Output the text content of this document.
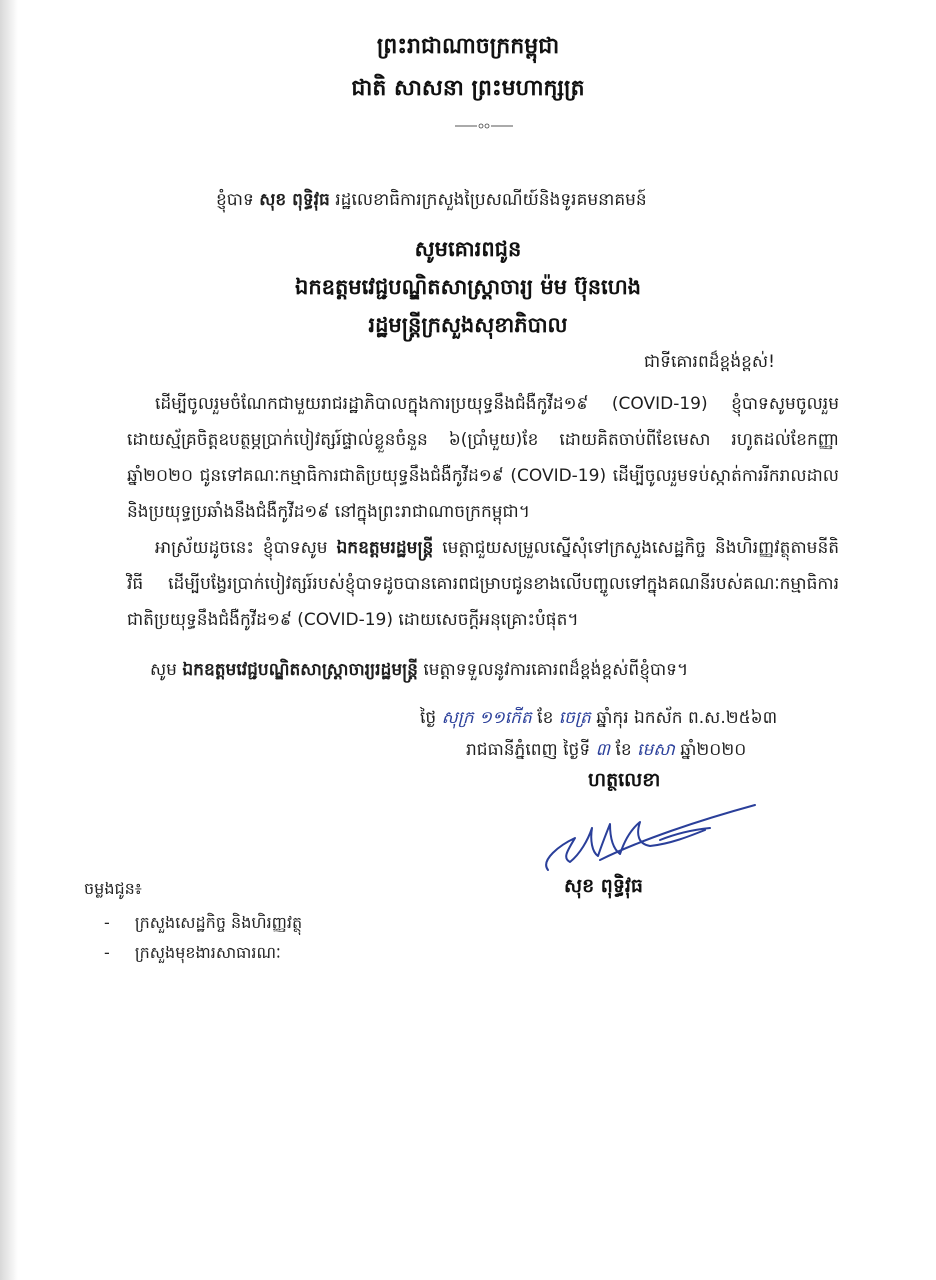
ព្រះរាជាណាចក្រកម្ពុជា
ជាតិ សាសនា ព្រះមហាក្សត្រ
ខ្ញុំបាទ សុខ ពុទ្ធិវុធ រដ្ឋលេខាធិការក្រសួងប្រៃសណីយ៍និងទូរគមនាគមន៍
សូមគោរពជូន
ឯកឧត្តមវេជ្ជបណ្ឌិតសាស្ត្រាចារ្យ ម៉ម ប៊ុនហេង
រដ្ឋមន្ត្រីក្រសួងសុខាភិបាល
ជាទីគោរពដ៏ខ្ពង់ខ្ពស់!
ដើម្បីចូលរួមចំណែកជាមួយរាជរដ្ឋាភិបាលក្នុងការប្រយុទ្ធនឹងជំងឺកូវីដ១៩ (COVID-19) ខ្ញុំបាទសូមចូលរួមដោយស្ម័គ្រចិត្តឧបត្ថម្ភប្រាក់បៀវត្សរ៍ផ្ទាល់ខ្លួនចំនួន ៦(ប្រាំមួយ)ខែ ដោយគិតចាប់ពីខែមេសា រហូតដល់ខែកញ្ញា ឆ្នាំ២០២០ ជូនទៅគណៈកម្មាធិការជាតិប្រយុទ្ធនឹងជំងឺកូវីដ១៩ (COVID-19) ដើម្បីចូលរួមទប់ស្កាត់ការរីករាលដាលនិងប្រយុទ្ធប្រឆាំងនឹងជំងឺកូវីដ១៩ នៅក្នុងព្រះរាជាណាចក្រកម្ពុជា។
អាស្រ័យដូចនេះ ខ្ញុំបាទសូម ឯកឧត្តមរដ្ឋមន្ត្រី មេត្តាជួយសម្រួលស្នើសុំទៅក្រសួងសេដ្ឋកិច្ច និងហិរញ្ញវត្ថុតាមនីតិវិធី ដើម្បីបង្វែរប្រាក់បៀវត្សរ៍របស់ខ្ញុំបាទដូចបានគោរពជម្រាបជូនខាងលើបញ្ចូលទៅក្នុងគណនីរបស់គណៈកម្មាធិការជាតិប្រយុទ្ធនឹងជំងឺកូវីដ១៩ (COVID-19) ដោយសេចក្ដីអនុគ្រោះបំផុត។
សូម ឯកឧត្តមវេជ្ជបណ្ឌិតសាស្ត្រាចារ្យរដ្ឋមន្ត្រី មេត្តាទទួលនូវការគោរពដ៏ខ្ពង់ខ្ពស់ពីខ្ញុំបាទ។
ថ្ងៃ សុក្រ ១១កើត ខែ ចេត្រ ឆ្នាំកុរ ឯកស័ក ព.ស.២៥៦៣
រាជធានីភ្នំពេញ ថ្ងៃទី ៣ ខែ មេសា ឆ្នាំ២០២០
ហត្ថលេខា
សុខ ពុទ្ធិវុធ
ចម្លងជូន៖
- ក្រសួងសេដ្ឋកិច្ច និងហិរញ្ញវត្ថុ
- ក្រសួងមុខងារសាធារណៈ
